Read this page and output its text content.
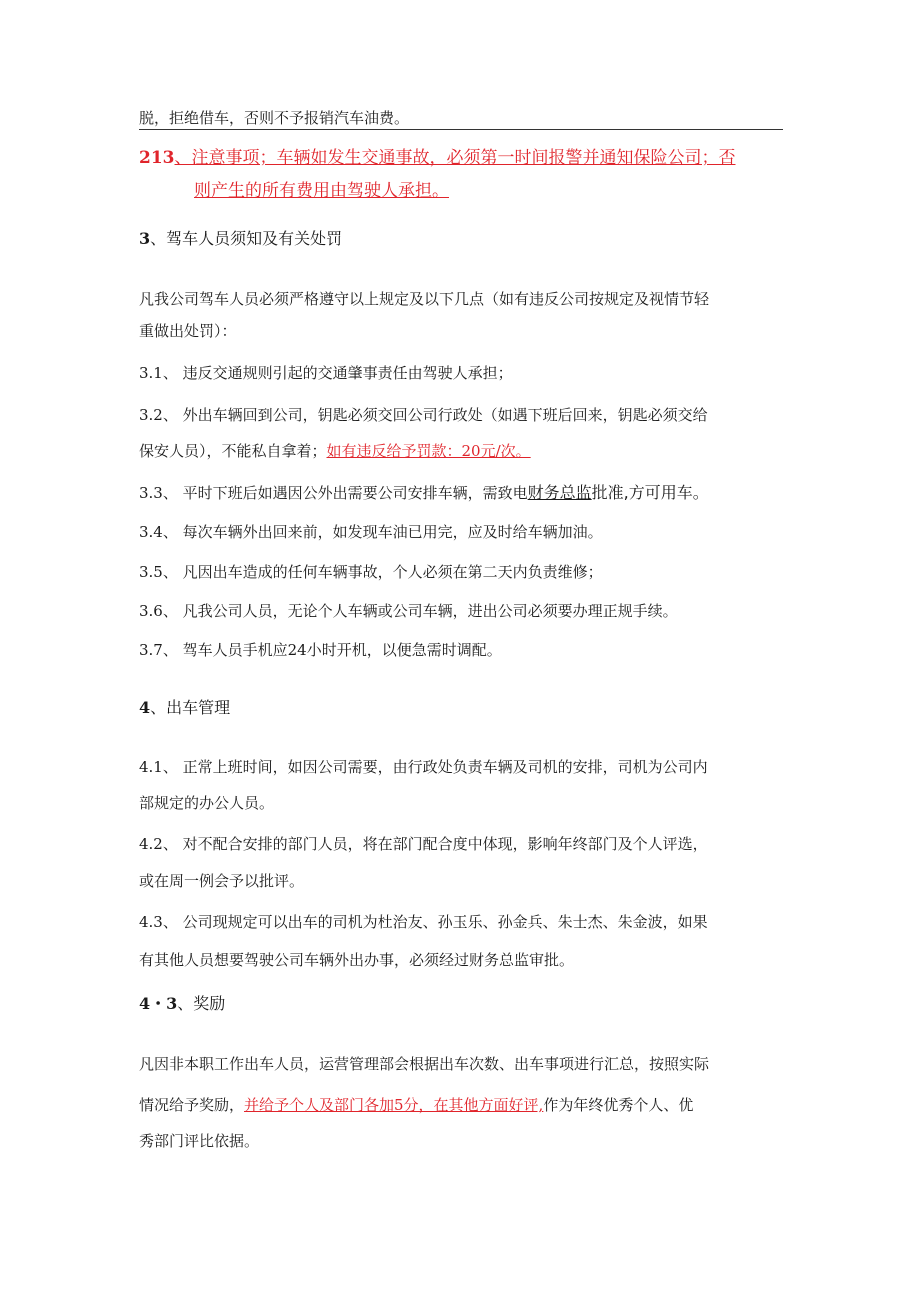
脱，拒绝借车，否则不予报销汽车油费。
213、注意事项；车辆如发生交通事故，必须第一时间报警并通知保险公司；否
则产生的所有费用由驾驶人承担。
3、驾车人员须知及有关处罚
凡我公司驾车人员必须严格遵守以上规定及以下几点（如有违反公司按规定及视情节轻
重做出处罚）：
3.1、 违反交通规则引起的交通肇事责任由驾驶人承担；
3.2、 外出车辆回到公司，钥匙必须交回公司行政处（如遇下班后回来，钥匙必须交给
保安人员），不能私自拿着；如有违反给予罚款：20元/次。
3.3、 平时下班后如遇因公外出需要公司安排车辆，需致电财务总监批准,方可用车。
3.4、 每次车辆外出回来前，如发现车油已用完，应及时给车辆加油。
3.5、 凡因出车造成的任何车辆事故，个人必须在第二天内负责维修；
3.6、 凡我公司人员，无论个人车辆或公司车辆，进出公司必须要办理正规手续。
3.7、 驾车人员手机应24小时开机，以便急需时调配。
4、出车管理
4.1、 正常上班时间，如因公司需要，由行政处负责车辆及司机的安排，司机为公司内
部规定的办公人员。
4.2、 对不配合安排的部门人员，将在部门配合度中体现，影响年终部门及个人评选，
或在周一例会予以批评。
4.3、 公司现规定可以出车的司机为杜治友、孙玉乐、孙金兵、朱士杰、朱金波，如果
有其他人员想要驾驶公司车辆外出办事，必须经过财务总监审批。
4・3、奖励
凡因非本职工作出车人员，运营管理部会根据出车次数、出车事项进行汇总，按照实际
情况给予奖励，并给予个人及部门各加5分，在其他方面好评,作为年终优秀个人、优
秀部门评比依据。
